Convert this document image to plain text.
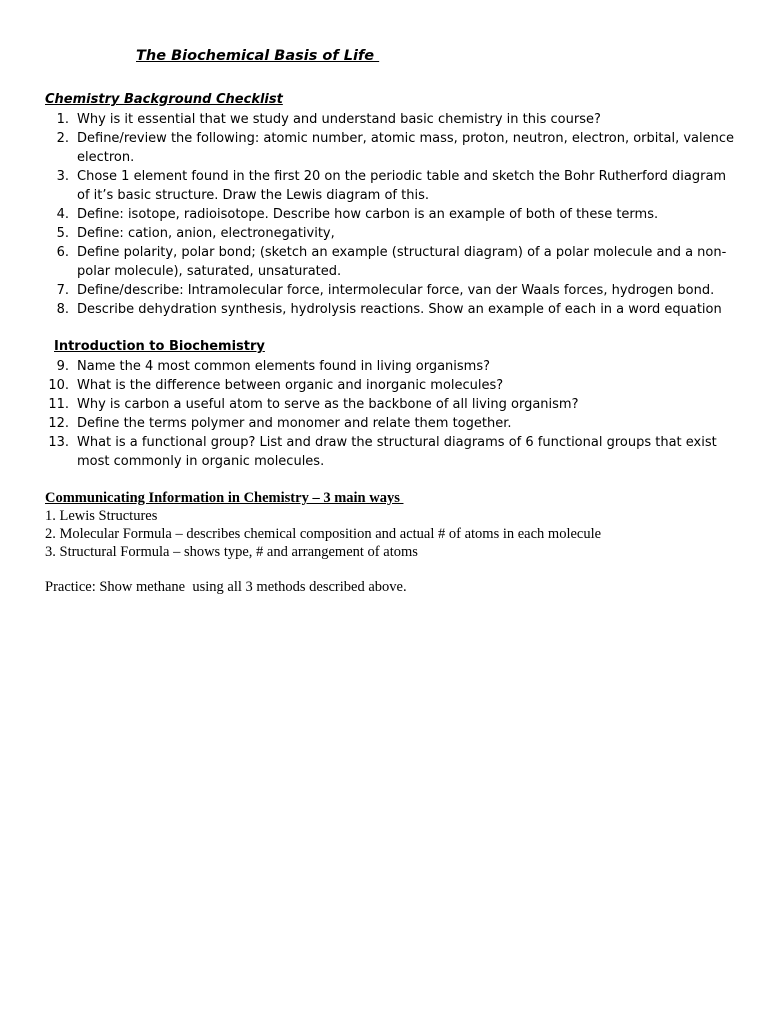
The Biochemical Basis of Life
Chemistry Background Checklist
1. Why is it essential that we study and understand basic chemistry in this course?
2. Define/review the following: atomic number, atomic mass, proton, neutron, electron, orbital, valence electron.
3. Chose 1 element found in the first 20 on the periodic table and sketch the Bohr Rutherford diagram of it’s basic structure. Draw the Lewis diagram of this.
4. Define: isotope, radioisotope. Describe how carbon is an example of both of these terms.
5. Define: cation, anion, electronegativity,
6. Define polarity, polar bond; (sketch an example (structural diagram) of a polar molecule and a non-polar molecule), saturated, unsaturated.
7. Define/describe: Intramolecular force, intermolecular force, van der Waals forces, hydrogen bond.
8. Describe dehydration synthesis, hydrolysis reactions. Show an example of each in a word equation
Introduction to Biochemistry
9. Name the 4 most common elements found in living organisms?
10. What is the difference between organic and inorganic molecules?
11. Why is carbon a useful atom to serve as the backbone of all living organism?
12. Define the terms polymer and monomer and relate them together.
13. What is a functional group? List and draw the structural diagrams of 6 functional groups that exist most commonly in organic molecules.
Communicating Information in Chemistry – 3 main ways
1. Lewis Structures
2. Molecular Formula – describes chemical composition and actual # of atoms in each molecule
3. Structural Formula – shows type, # and arrangement of atoms
Practice: Show methane  using all 3 methods described above.
